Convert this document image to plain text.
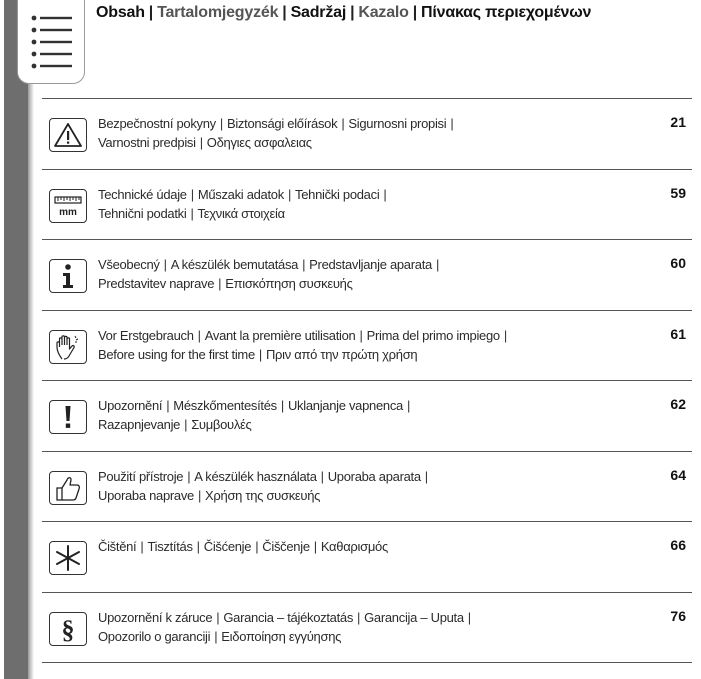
Obsah | Tartalomjegyzék | Sadržaj | Kazalo | Πίνακας περιεχομένων
Bezpečnostní pokyny | Biztonsági előírások | Sigurnosni propisi |
Varnostni predpisi | Οδηγιες ασφαλειας
21
mm
Technické údaje | Műszaki adatok | Tehnički podaci |
Tehnični podatki | Τεχνικά στοιχεία
59
Všeobecný | A készülék bemutatása | Predstavljanje aparata |
Predstavitev naprave | Επισκόπηση συσκευής
60
Vor Erstgebrauch | Avant la première utilisation | Prima del primo impiego |
Before using for the first time | Πριν από την πρώτη χρήση
61
Upozornění | Mészkőmentesítés | Uklanjanje vapnenca |
Razapnjevanje | Συμβουλές
62
Použití přístroje | A készülék használata | Uporaba aparata |
Uporaba naprave | Χρήση της συσκευής
64
Čištění | Tisztítás | Čišćenje | Čiščenje | Καθαρισμός	66
§ Upozornění k záruce | Garancia – tájékoztatás | Garancija – Uputa |
Opozorilo o garanciji | Ειδοποίηση εγγύησης
76
